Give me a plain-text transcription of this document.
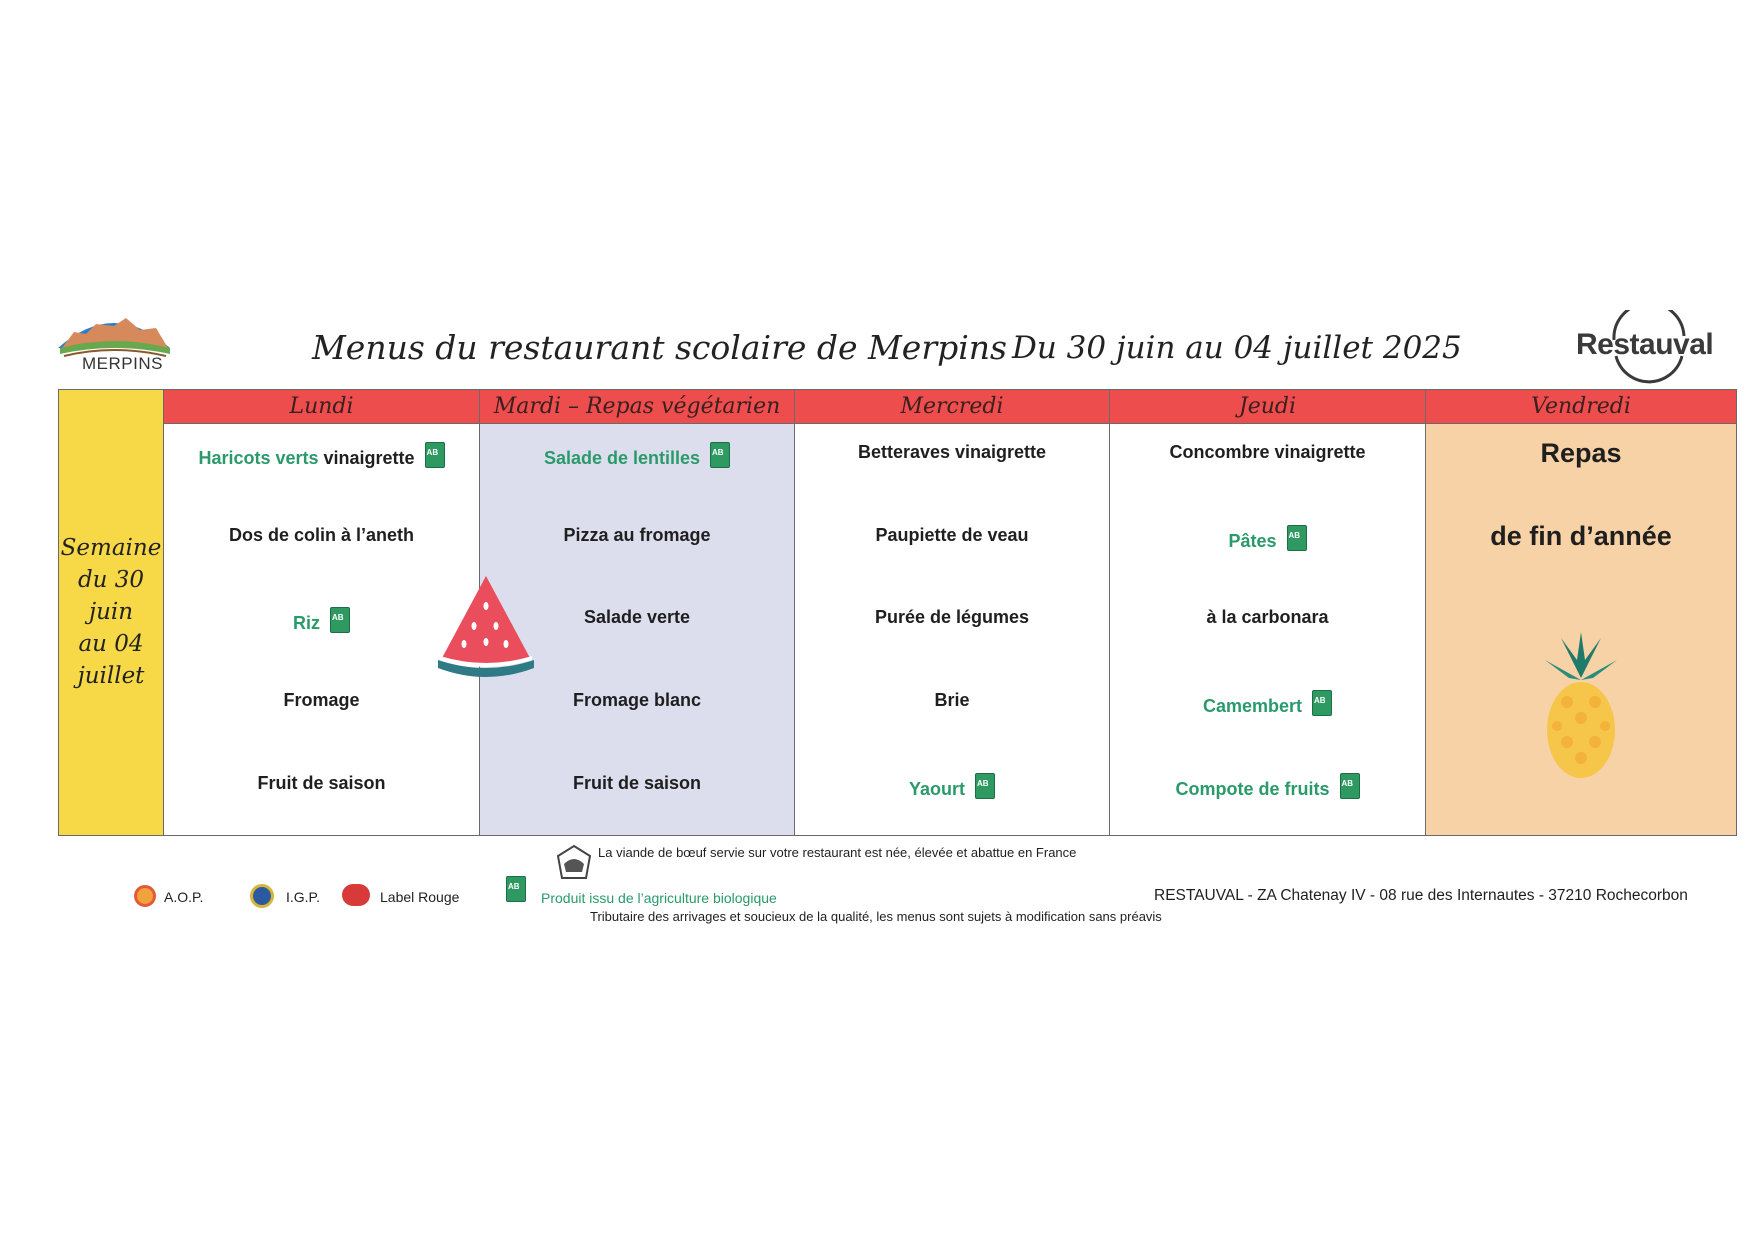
MERPINS	Menus du restaurant scolaire de Merpins Du 30 juin au 04 juillet 2025	Restauval
Semaine
du 30
juin
au 04
juillet
Lundi
Haricots verts vinaigretteAB
Dos de colin à l’aneth
RizAB
Fromage
Fruit de saison
Mardi – Repas végétarien
Salade de lentillesAB
Pizza au fromage
Salade verte
Fromage blanc
Fruit de saison
Mercredi
Betteraves vinaigrette
Paupiette de veau
Purée de légumes
Brie
YaourtAB
Jeudi
Concombre vinaigrette
PâtesAB
à la carbonara
CamembertAB
Compote de fruitsAB
Vendredi
Repas
de fin d’année
La viande de bœuf servie sur votre restaurant est née, élevée et abattue en France
A.O.P.	I.G.P.	Label Rouge
AB	Produit issu de l’agriculture biologique	RESTAUVAL - ZA Chatenay IV - 08 rue des Internautes - 37210 Rochecorbon
Tributaire des arrivages et soucieux de la qualité, les menus sont sujets à modification sans préavis
